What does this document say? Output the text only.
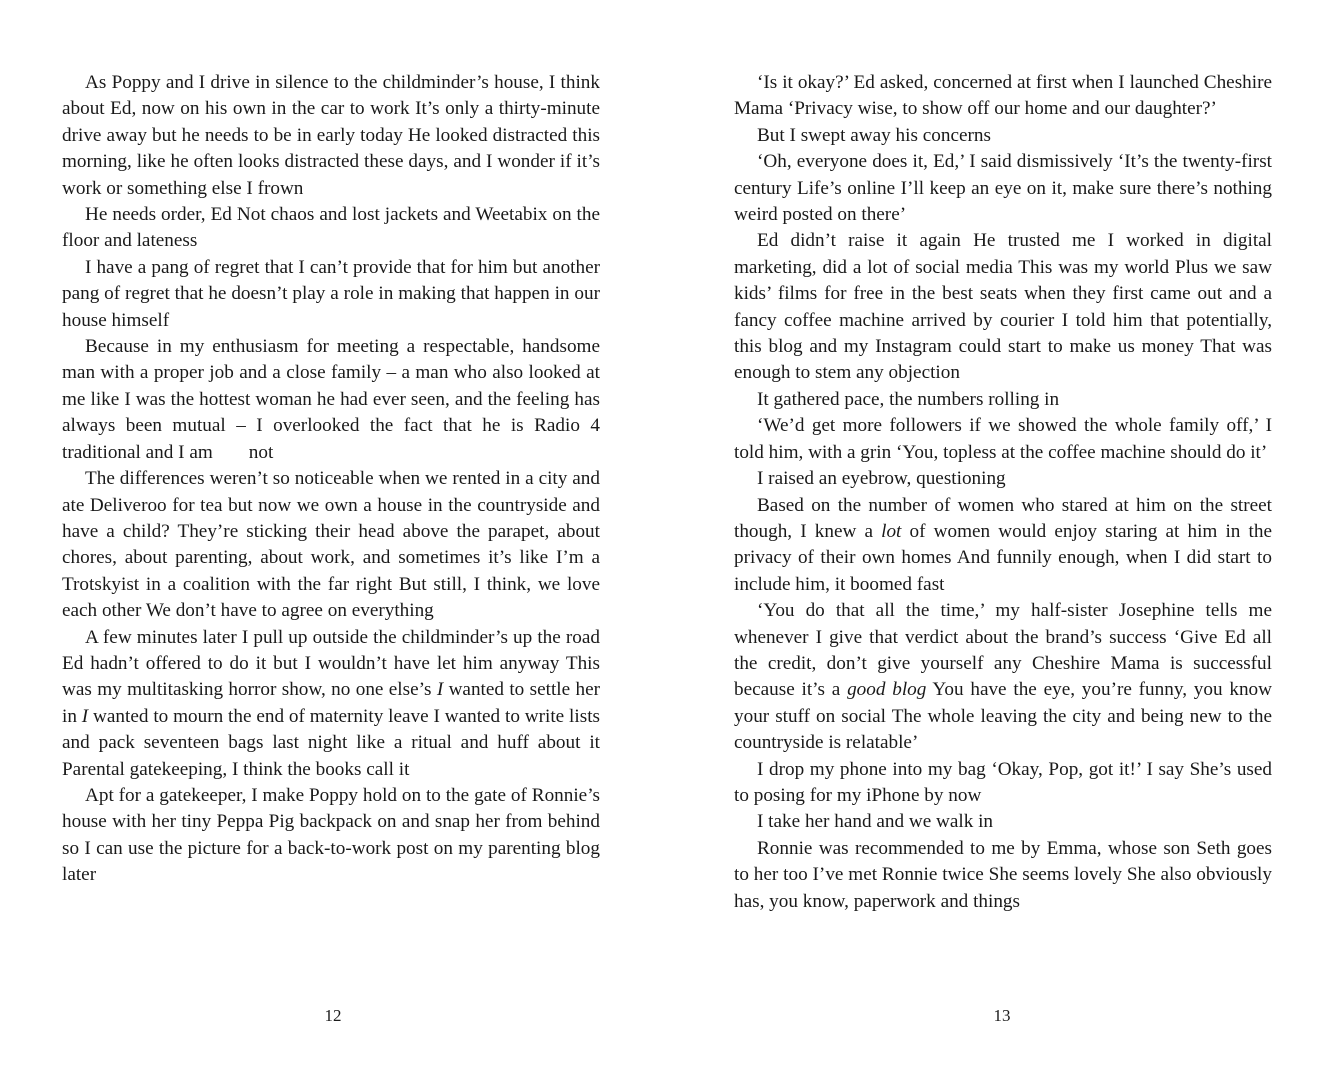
As Poppy and I drive in silence to the childminder’s house, I think about Ed, now on his own in the car to work It’s only a thirty-minute drive away but he needs to be in early today He looked distracted this morning, like he often looks distracted these days, and I wonder if it’s work or something else I frown

He needs order, Ed Not chaos and lost jackets and Weetabix on the floor and lateness

I have a pang of regret that I can’t provide that for him but another pang of regret that he doesn’t play a role in making that happen in our house himself

Because in my enthusiasm for meeting a respectable, handsome man with a proper job and a close family – a man who also looked at me like I was the hottest woman he had ever seen, and the feeling has always been mutual – I overlooked the fact that he is Radio 4 traditional and I am not

The differences weren’t so noticeable when we rented in a city and ate Deliveroo for tea but now we own a house in the countryside and have a child? They’re sticking their head above the parapet, about chores, about parenting, about work, and sometimes it’s like I’m a Trotskyist in a coalition with the far right But still, I think, we love each other We don’t have to agree on everything

A few minutes later I pull up outside the childminder’s up the road Ed hadn’t offered to do it but I wouldn’t have let him anyway This was my multitasking horror show, no one else’s I wanted to settle her in I wanted to mourn the end of maternity leave I wanted to write lists and pack seventeen bags last night like a ritual and huff about it Parental gatekeeping, I think the books call it

Apt for a gatekeeper, I make Poppy hold on to the gate of Ronnie’s house with her tiny Peppa Pig backpack on and snap her from behind so I can use the picture for a back-to-work post on my parenting blog later

‘Is it okay?’ Ed asked, concerned at first when I launched Cheshire Mama ‘Privacy wise, to show off our home and our daughter?’

But I swept away his concerns

‘Oh, everyone does it, Ed,’ I said dismissively ‘It’s the twenty-first century Life’s online I’ll keep an eye on it, make sure there’s nothing weird posted on there’

Ed didn’t raise it again He trusted me I worked in digital marketing, did a lot of social media This was my world Plus we saw kids’ films for free in the best seats when they first came out and a fancy coffee machine arrived by courier I told him that potentially, this blog and my Instagram could start to make us money That was enough to stem any objection

It gathered pace, the numbers rolling in

‘We’d get more followers if we showed the whole family off,’ I told him, with a grin ‘You, topless at the coffee machine should do it’

I raised an eyebrow, questioning

Based on the number of women who stared at him on the street though, I knew a lot of women would enjoy staring at him in the privacy of their own homes And funnily enough, when I did start to include him, it boomed fast

‘You do that all the time,’ my half-sister Josephine tells me whenever I give that verdict about the brand’s success ‘Give Ed all the credit, don’t give yourself any Cheshire Mama is successful because it’s a good blog You have the eye, you’re funny, you know your stuff on social The whole leaving the city and being new to the countryside is relatable’

I drop my phone into my bag ‘Okay, Pop, got it!’ I say She’s used to posing for my iPhone by now

I take her hand and we walk in

Ronnie was recommended to me by Emma, whose son Seth goes to her too I’ve met Ronnie twice She seems lovely She also obviously has, you know, paperwork and things

12	13
